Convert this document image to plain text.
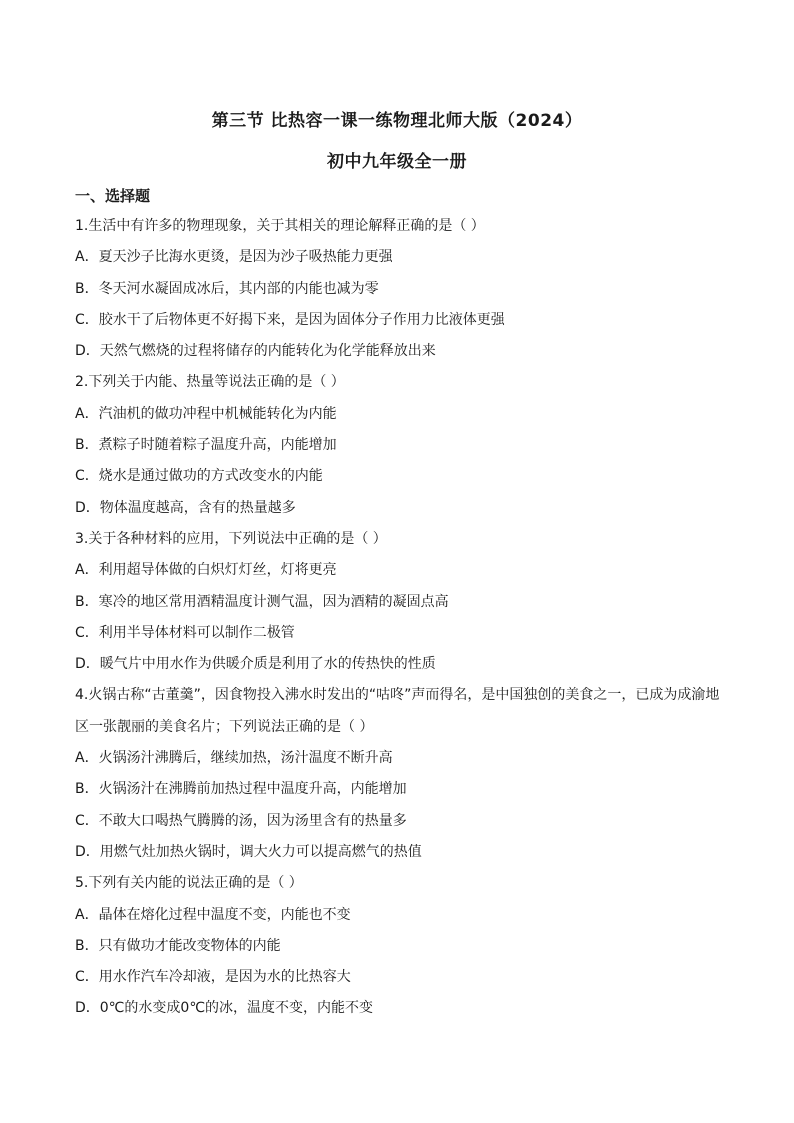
第三节 比热容一课一练物理北师大版（2024）
初中九年级全一册
一、选择题
1.生活中有许多的物理现象，关于其相关的理论解释正确的是（ ）
A．夏天沙子比海水更烫，是因为沙子吸热能力更强
B．冬天河水凝固成冰后，其内部的内能也减为零
C．胶水干了后物体更不好揭下来，是因为固体分子作用力比液体更强
D．天然气燃烧的过程将储存的内能转化为化学能释放出来
2.下列关于内能、热量等说法正确的是（ ）
A．汽油机的做功冲程中机械能转化为内能
B．煮粽子时随着粽子温度升高，内能增加
C．烧水是通过做功的方式改变水的内能
D．物体温度越高，含有的热量越多
3.关于各种材料的应用，下列说法中正确的是（ ）
A．利用超导体做的白炽灯灯丝，灯将更亮
B．寒冷的地区常用酒精温度计测气温，因为酒精的凝固点高
C．利用半导体材料可以制作二极管
D．暖气片中用水作为供暖介质是利用了水的传热快的性质
4.火锅古称“古董羹”，因食物投入沸水时发出的“咕咚”声而得名，是中国独创的美食之一，已成为成渝地区一张靓丽的美食名片；下列说法正确的是（ ）
A．火锅汤汁沸腾后，继续加热，汤汁温度不断升高
B．火锅汤汁在沸腾前加热过程中温度升高，内能增加
C．不敢大口喝热气腾腾的汤，因为汤里含有的热量多
D．用燃气灶加热火锅时，调大火力可以提高燃气的热值
5.下列有关内能的说法正确的是（ ）
A．晶体在熔化过程中温度不变，内能也不变
B．只有做功才能改变物体的内能
C．用水作汽车冷却液，是因为水的比热容大
D．0℃的水变成0℃的冰，温度不变，内能不变
